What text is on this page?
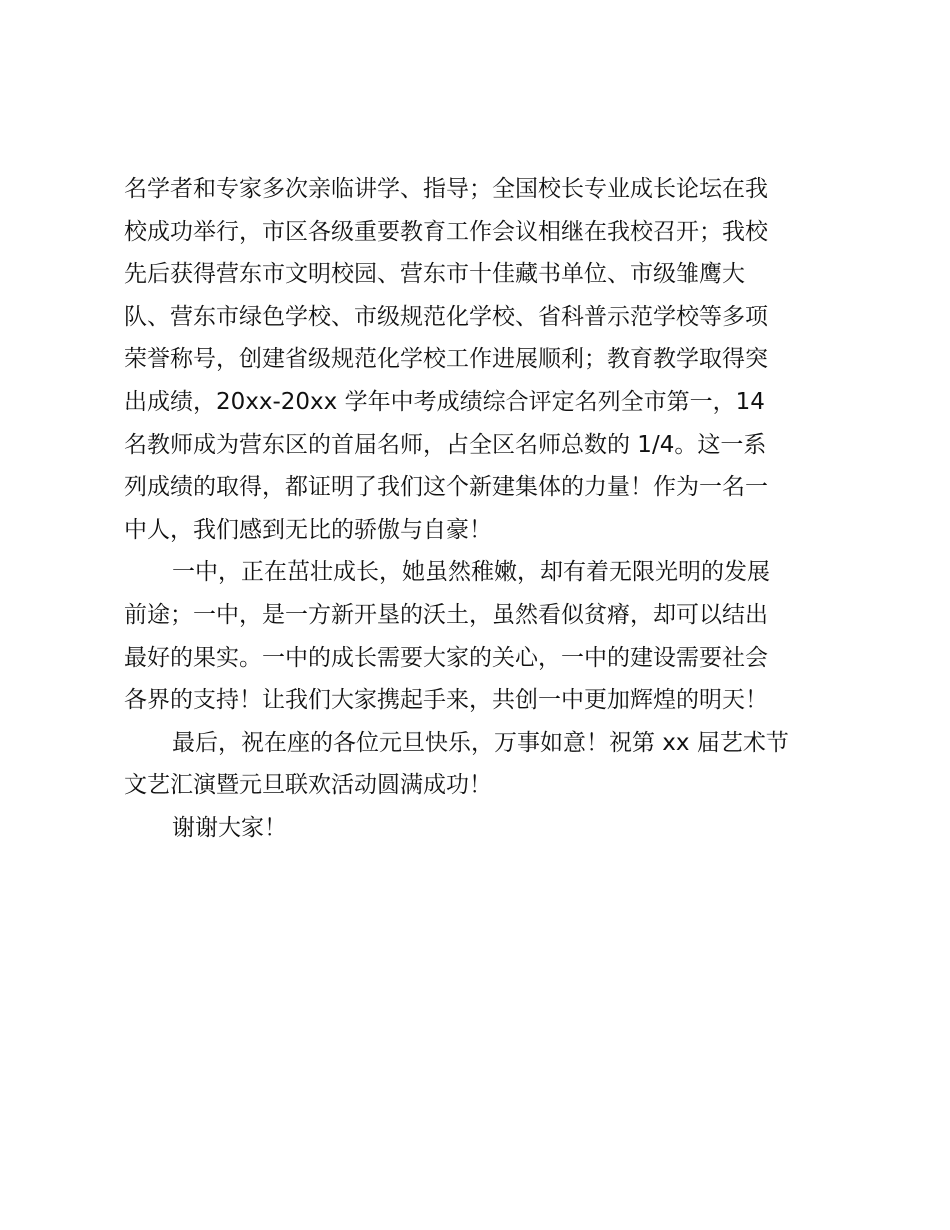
名学者和专家多次亲临讲学、指导；全国校长专业成长论坛在我
校成功举行，市区各级重要教育工作会议相继在我校召开；我校
先后获得营东市文明校园、营东市十佳藏书单位、市级雏鹰大
队、营东市绿色学校、市级规范化学校、省科普示范学校等多项
荣誉称号，创建省级规范化学校工作进展顺利；教育教学取得突
出成绩，20xx-20xx 学年中考成绩综合评定名列全市第一，14
名教师成为营东区的首届名师，占全区名师总数的 1/4。这一系
列成绩的取得，都证明了我们这个新建集体的力量！作为一名一
中人，我们感到无比的骄傲与自豪！
一中，正在茁壮成长，她虽然稚嫩，却有着无限光明的发展
前途；一中，是一方新开垦的沃土，虽然看似贫瘠，却可以结出
最好的果实。一中的成长需要大家的关心，一中的建设需要社会
各界的支持！让我们大家携起手来，共创一中更加辉煌的明天！
最后，祝在座的各位元旦快乐，万事如意！祝第 xx 届艺术节
文艺汇演暨元旦联欢活动圆满成功！
谢谢大家！
